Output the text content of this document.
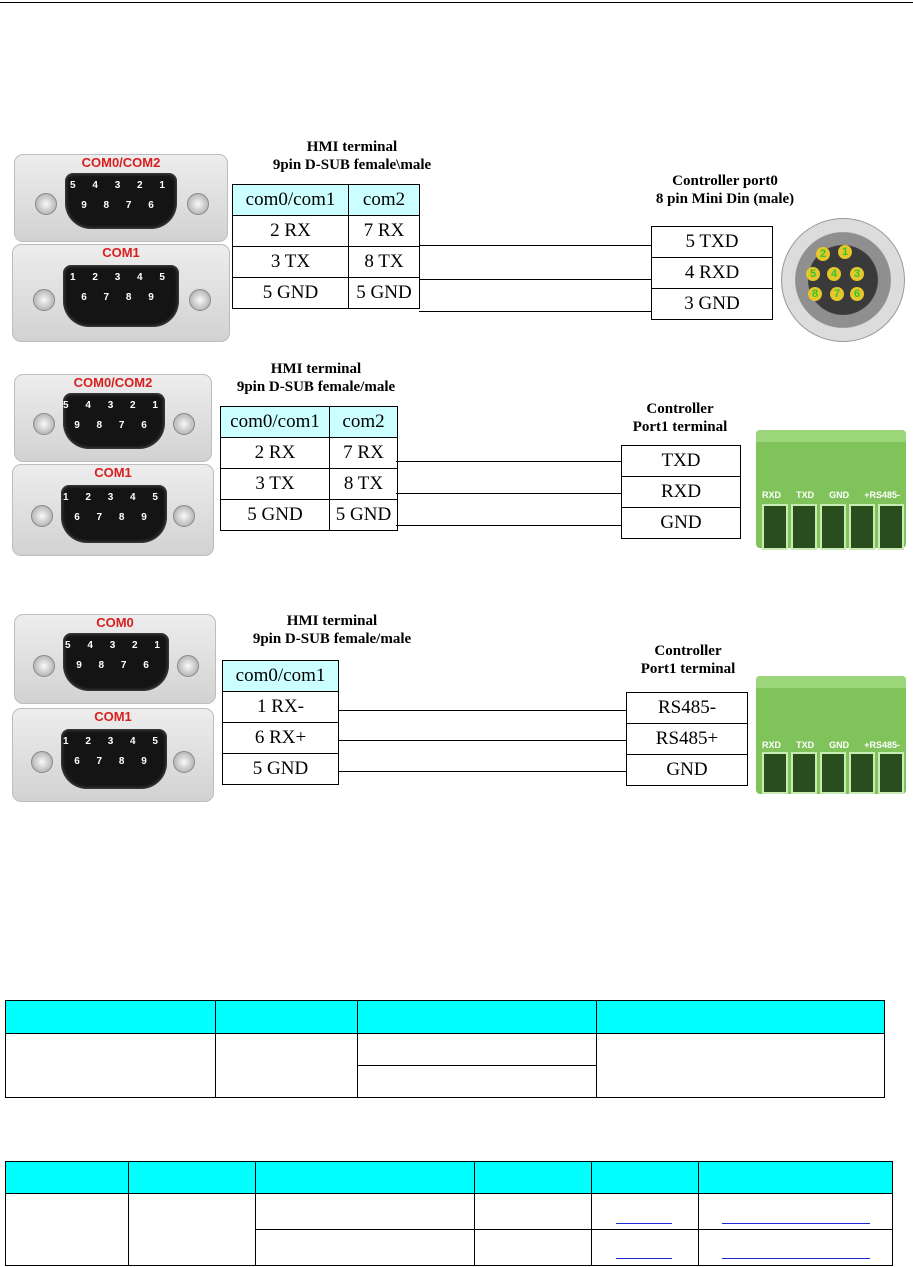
COM0/COM2
5 4 3 2 1
9 8 7 6
COM1
1 2 3 4 5
6 7 8 9
HMI terminal
9pin D-SUB female\male
com0/com1	com2
2 RX	7 RX
3 TX	8 TX
5 GND	5 GND
Controller port0
8 pin Mini Din (male)
5 TXD
4 RXD
3 GND
2	1
5	4	3
8	7	6
COM0/COM2
5 4 3 2 1
9 8 7 6
COM1
1 2 3 4 5
6 7 8 9
HMI terminal
9pin D-SUB female/male
com0/com1	com2
2 RX	7 RX
3 TX	8 TX
5 GND	5 GND
Controller
Port1 terminal
TXD
RXD
GND
RXD TXD GND +RS485-
COM0
5 4 3 2 1
9 8 7 6
COM1
1 2 3 4 5
6 7 8 9
HMI terminal
9pin D-SUB female/male
com0/com1
1 RX-
6 RX+
5 GND
Controller
Port1 terminal
RS485-
RS485+
GND
RXD TXD GND +RS485-
